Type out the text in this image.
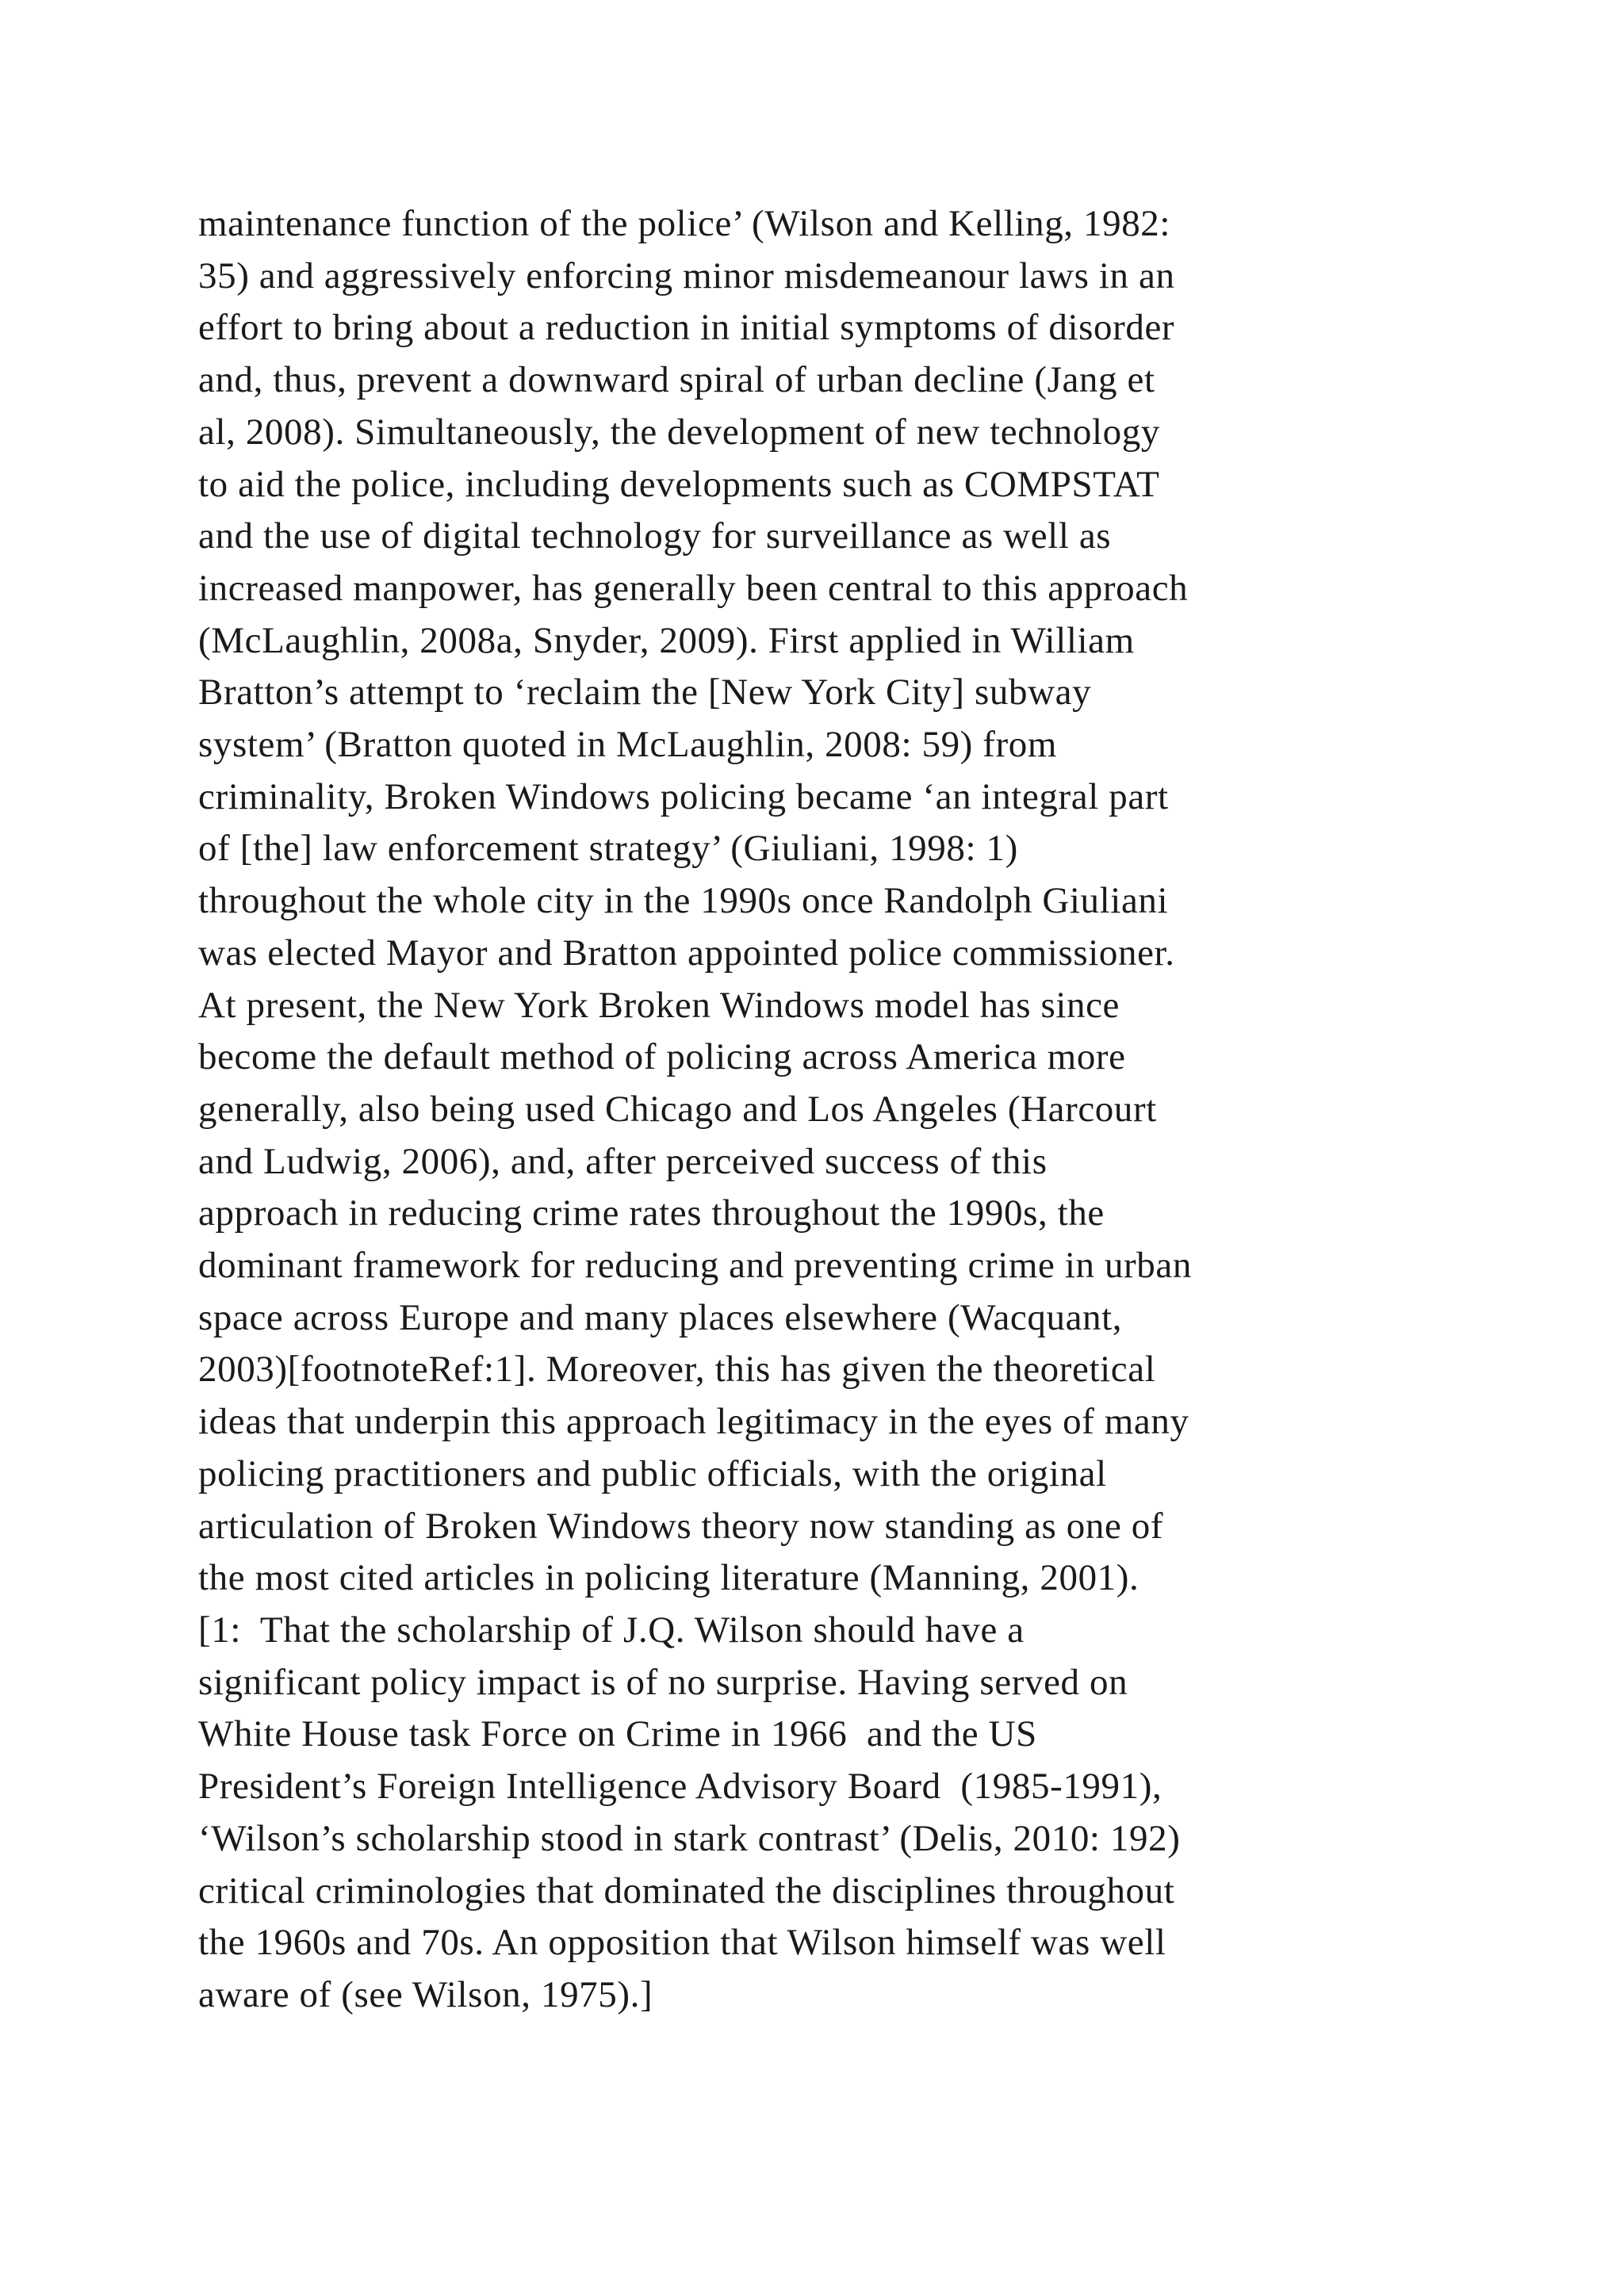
maintenance function of the police’ (Wilson and Kelling, 1982:
35) and aggressively enforcing minor misdemeanour laws in an
effort to bring about a reduction in initial symptoms of disorder
and, thus, prevent a downward spiral of urban decline (Jang et
al, 2008). Simultaneously, the development of new technology
to aid the police, including developments such as COMPSTAT
and the use of digital technology for surveillance as well as
increased manpower, has generally been central to this approach
(McLaughlin, 2008a, Snyder, 2009). First applied in William
Bratton’s attempt to ‘reclaim the [New York City] subway
system’ (Bratton quoted in McLaughlin, 2008: 59) from
criminality, Broken Windows policing became ‘an integral part
of [the] law enforcement strategy’ (Giuliani, 1998: 1)
throughout the whole city in the 1990s once Randolph Giuliani
was elected Mayor and Bratton appointed police commissioner.
At present, the New York Broken Windows model has since
become the default method of policing across America more
generally, also being used Chicago and Los Angeles (Harcourt
and Ludwig, 2006), and, after perceived success of this
approach in reducing crime rates throughout the 1990s, the
dominant framework for reducing and preventing crime in urban
space across Europe and many places elsewhere (Wacquant,
2003)[footnoteRef:1]. Moreover, this has given the theoretical
ideas that underpin this approach legitimacy in the eyes of many
policing practitioners and public officials, with the original
articulation of Broken Windows theory now standing as one of
the most cited articles in policing literature (Manning, 2001).
[1:  That the scholarship of J.Q. Wilson should have a
significant policy impact is of no surprise. Having served on
White House task Force on Crime in 1966  and the US
President’s Foreign Intelligence Advisory Board  (1985-1991),
‘Wilson’s scholarship stood in stark contrast’ (Delis, 2010: 192)
critical criminologies that dominated the disciplines throughout
the 1960s and 70s. An opposition that Wilson himself was well
aware of (see Wilson, 1975).]
